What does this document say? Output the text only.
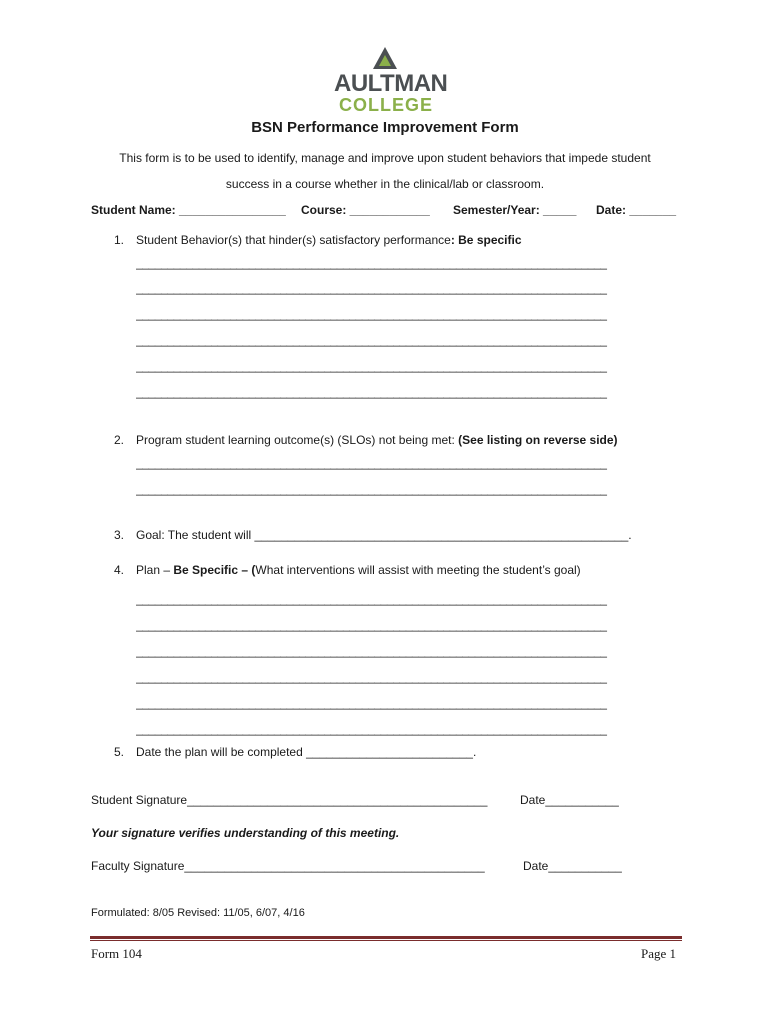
AULTMAN
COLLEGE
BSN Performance Improvement Form
This form is to be used to identify, manage and improve upon student behaviors that impede student
success in a course whether in the clinical/lab or classroom.
Student Name: ________________ Course: ____________ Semester/Year: _____ Date: _______
1. Student Behavior(s) that hinder(s) satisfactory performance: Be specific
___________________________________________________________________________
___________________________________________________________________________
___________________________________________________________________________
___________________________________________________________________________
___________________________________________________________________________
___________________________________________________________________________
2. Program student learning outcome(s) (SLOs) not being met: (See listing on reverse side)
___________________________________________________________________________
___________________________________________________________________________
3. Goal: The student will ________________________________________________________.
4. Plan – Be Specific – (What interventions will assist with meeting the student’s goal)
___________________________________________________________________________
___________________________________________________________________________
___________________________________________________________________________
___________________________________________________________________________
___________________________________________________________________________
___________________________________________________________________________
5. Date the plan will be completed _________________________.
Student Signature_____________________________________________	Date___________
Your signature verifies understanding of this meeting.
Faculty Signature_____________________________________________	Date___________
Formulated: 8/05 Revised: 11/05, 6/07, 4/16
Form 104	Page 1
